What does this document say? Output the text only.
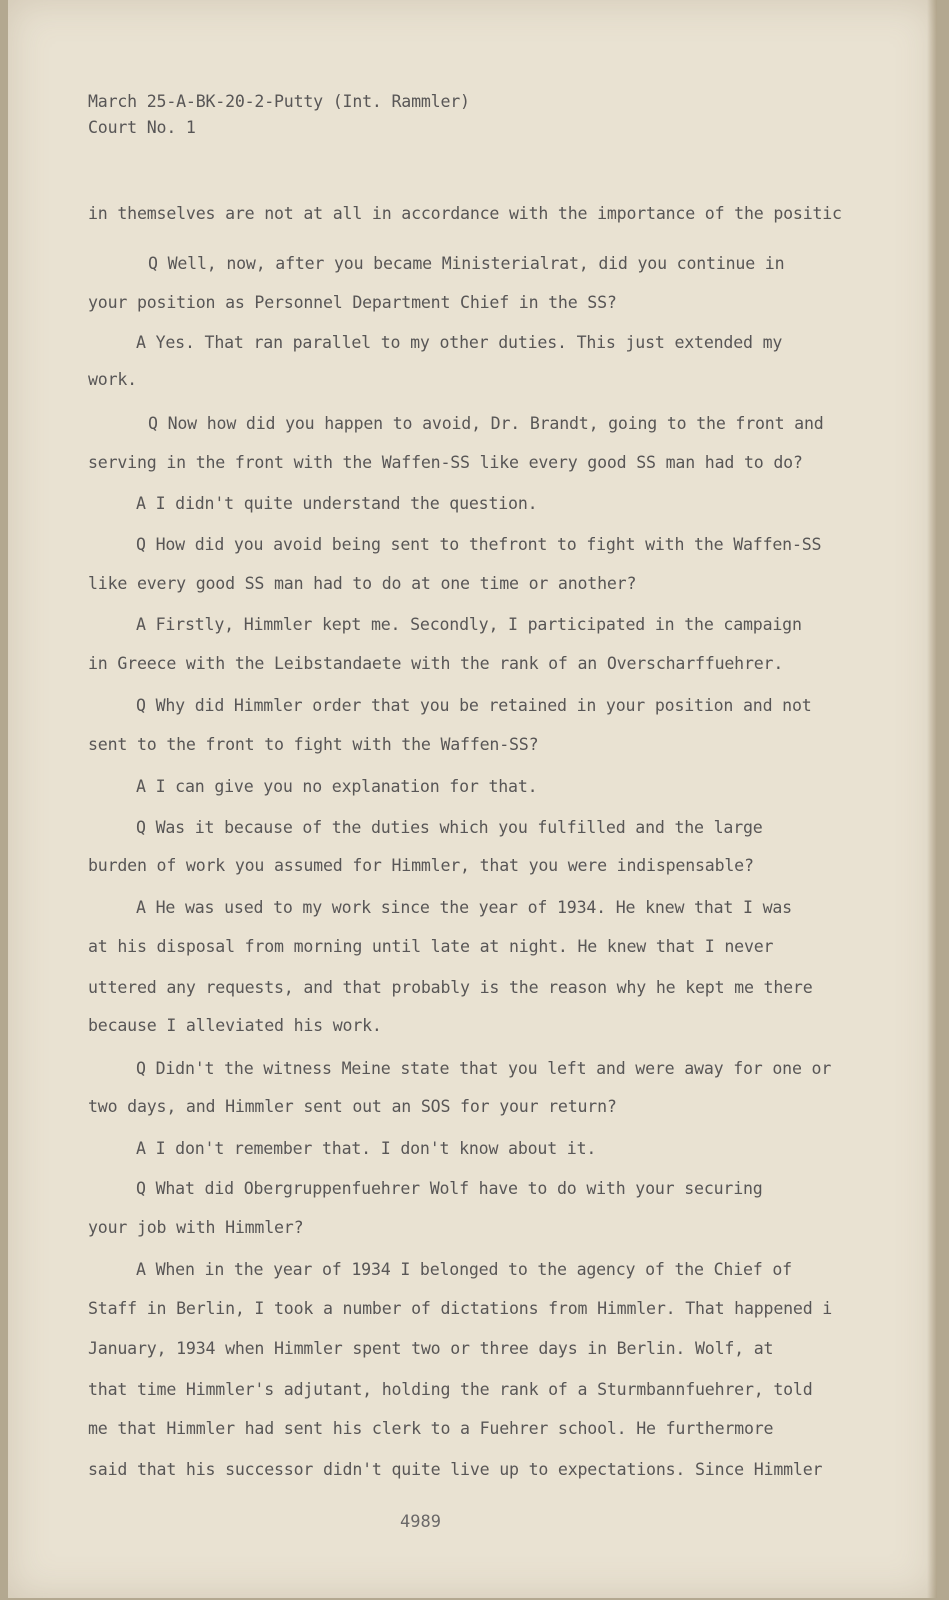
March 25-A-BK-20-2-Putty (Int. Rammler)
Court No. 1
in themselves are not at all in accordance with the importance of the positic
Q Well, now, after you became Ministerialrat, did you continue in
your position as Personnel Department Chief in the SS?
A Yes. That ran parallel to my other duties. This just extended my
work.
Q Now how did you happen to avoid, Dr. Brandt, going to the front and
serving in the front with the Waffen-SS like every good SS man had to do?
A I didn't quite understand the question.
Q How did you avoid being sent to thefront to fight with the Waffen-SS
like every good SS man had to do at one time or another?
A Firstly, Himmler kept me. Secondly, I participated in the campaign
in Greece with the Leibstandaete with the rank of an Overscharffuehrer.
Q Why did Himmler order that you be retained in your position and not
sent to the front to fight with the Waffen-SS?
A I can give you no explanation for that.
Q Was it because of the duties which you fulfilled and the large
burden of work you assumed for Himmler, that you were indispensable?
A He was used to my work since the year of 1934. He knew that I was
at his disposal from morning until late at night. He knew that I never
uttered any requests, and that probably is the reason why he kept me there
because I alleviated his work.
Q Didn't the witness Meine state that you left and were away for one or
two days, and Himmler sent out an SOS for your return?
A I don't remember that. I don't know about it.
Q What did Obergruppenfuehrer Wolf have to do with your securing
your job with Himmler?
A When in the year of 1934 I belonged to the agency of the Chief of
Staff in Berlin, I took a number of dictations from Himmler. That happened i
January, 1934 when Himmler spent two or three days in Berlin. Wolf, at
that time Himmler's adjutant, holding the rank of a Sturmbannfuehrer, told
me that Himmler had sent his clerk to a Fuehrer school. He furthermore
said that his successor didn't quite live up to expectations. Since Himmler
4989
